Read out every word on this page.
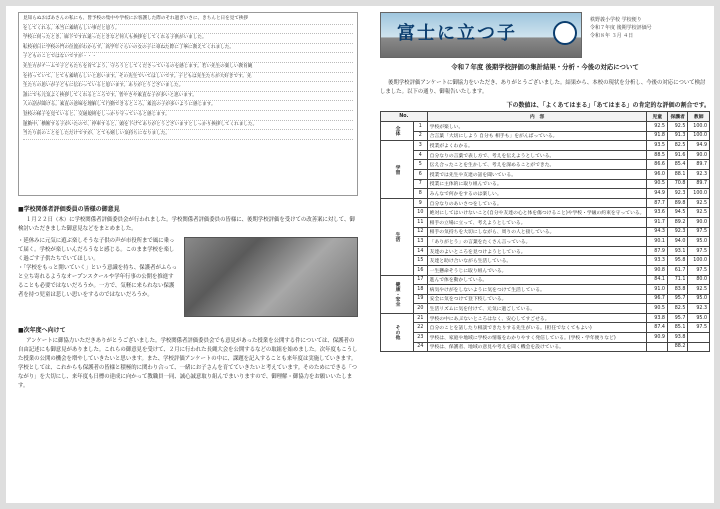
見知らぬおばあさんの私にも、皆予校の集中や学校にお客護した際のそれ過ぎいさに、きちんと日を見て挨拶
をしてくれる。本当に素晴らしい事だと思う。
学校に伺ったとき、廊下ですれ違ったときなど何人も挨拶をしてくれる子供がいました。
転校初日に学校の門の位置がわからず、高学年ぐらいの女の子に尋ねた際に丁寧に教えてくれました。
子どものことではないですが・・・
先生方がチームで子どもたちを育てよう、守ろうとしてくださっているのを感じます。若い先生の楽しい教育観
を持っていて、とても素晴らしいと思います。その先生でいてほしいです。子どもは先生たちが大好きです。先
生たちの思いが子どもに伝わっていると思います。ありがとうございました。
誰にでも元気よく挨拶してくれるところです。皆やさや素直な子が多いと思います。
人の話が聞ける。素直の意味を理解して行動できるところ。素直の子が多いように感じます。
登校の様子を見ていると、交通規則をしっかり守っていると感じます。
運動中、横断する子がいたので、停車すると、頭を下げてありがとうございますとしっかり挨拶してくれました。
当たり前のことをしただけですが、とても嬉しい気持ちになりました。
■学校関係者評価委員の皆様の御意見
１月２２日（木）に学校関係者評価委員会が行われました。学校関係者評価委員の皆様に、後期学校評価を受けての改善案に対して、御検討いただきました御意見などをまとめました。
・延休みに元気に遊ぶ楽しそうな子供の声が市役所まで風に乗って届く。学校が楽しいんだろうなと感じる。このまま学校を楽しく過ごす子供たちでいてほしい。
・「学校をもっと開いていく」という意識を持ち、保護者がふらっと立ち寄れるようなオープンスクールや学年行事の公開を推進することも必要ではないだろうか。一方で、気軽に来られない保護者を持つ児童は悲しい思いをするのではないだろうか。
■次年度へ向けて
アンケートに御協力いただきありがとうございました。学校関係者評価委員会でも意見があった授業を公開する件については、保護者の自由記述にも御意見がありました。これらの御意見を受けて、２月に行われた長縄大会を公開するなどの取組を始めました。次年度もこうした授業の公開の機会を増やしていきたいと思います。また、学校評価アンケートの中に、課題を記入することも来年度は実施していきます。 学校としては、これからも保護者の皆様と積極的に関わり合って、一緒にお子さんを育てていきたいと考えています。そのためにできる「つながり」を大切にし、来年度も日標の達成に向かって教職員一同、誠心誠意取り組んでまいりますので、御理解・御協力をお願いいたします。
富士に立つ子
秩野義小学校 学校便り
令和７年度 後期学校評価号
令和８年 ３月 ４日
令和７年度 後期学校評価の集計結果・分析・今後の対応について
後期学校評価アンケートに御協力をいただき、ありがとうございました。結果から、本校の現状を分析し、今後の対応について検討しました。以下の通り、御報告いたします。
下の数値は、「よくあてはまる」「あてはまる」の肯定的な評価の割合です。
No.		内　容	児童	保護者	教師
全体	1	学校が楽しい。	92.5	92.5	100.0
	2	合言葉「大切にしよう 自分も 相手も」をがんばっている。	91.8	91.3	100.0
学習	3	授業がよくわかる。	93.5	82.5	94.9
	4	自分なりの言葉で表し方で、考えを伝えようとしている。	88.5	91.6	90.0
	5	伝え合ったことを生かして、考えを深めることができた。	86.6	85.4	89.7
	6	授業では先生や友達の話を聞いている。	96.0	88.1	92.3
	7	授業に主体的に取り組んでいる。	90.5	70.8	89.7
	8	みんなで何かをするのは楽しい。	94.9	92.3	100.0
生活	9	自分なりのあいさつをしている。	87.7	89.8	92.5
	10	絶対にしてはいけないこと(自分や友達の心と体を傷つけること)や学校・学級の約束を守っている。	93.6	94.5	92.5
	11	相手の立場に立って、考えようとしている。	91.7	89.2	90.0
	12	相手の気持ちを大切にしながら、周りの人と接している。	94.3	92.3	97.5
	13	「ありがとう」の言葉をたくさん言っている。	90.1	94.0	95.0
	14	友達のよいところを見つけようとしている。	87.9	93.1	97.5
	15	友達と助け合いながら生活している。	93.3	95.8	100.0
	16	一生懸命そうじに取り組んでいる。	90.8	61.7	97.5
健康・安全	17	進んで体を動かしている。	84.1	71.1	80.0
	18	病気やけがをしないように気をつけて生活している。	91.0	83.8	92.5
	19	安全に気をつけて登下校している。	96.7	95.7	95.0
	20	生活リズムに気を付けて、元気に過ごしている。	90.5	82.5	92.3
その他	21	学校の中にあぶないところはなく、安心してすごせる。	93.8	95.7	95.0
	22	自分のことを話したり相談できたりする先生がいる。(担任でなくてもよい)	87.4	85.1	97.5
	23	学校は、家庭や地域に学校の情報をわかりやすく発信している。(学校・学年便りなど)	90.9	93.8	
	24	学校は、保護者、地域の意見や考えを聞く機会を設けている。		88.2	
